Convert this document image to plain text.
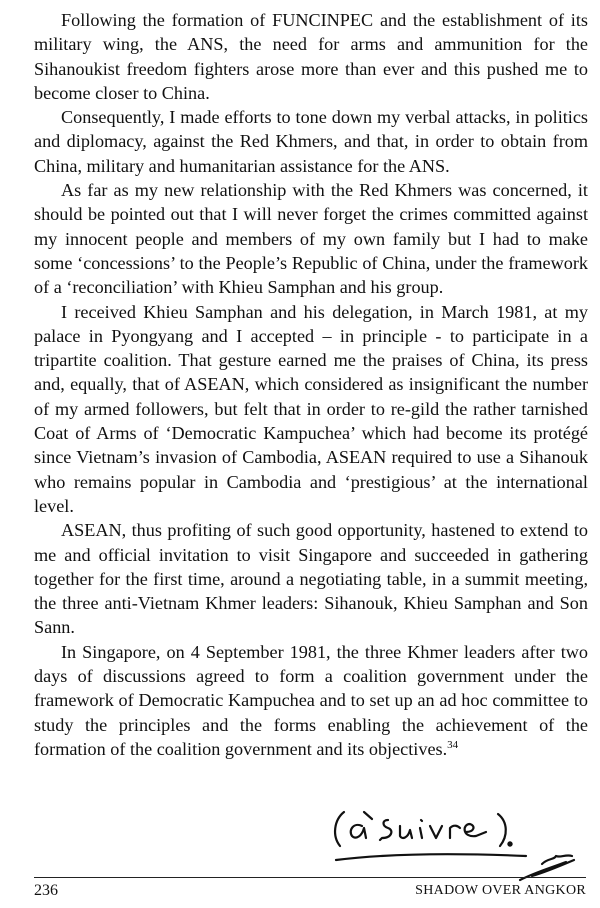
Following the formation of FUNCINPEC and the establishment of its military wing, the ANS, the need for arms and ammunition for the Sihanoukist freedom fighters arose more than ever and this pushed me to become closer to China.

Consequently, I made efforts to tone down my verbal attacks, in politics and diplomacy, against the Red Khmers, and that, in order to obtain from China, military and humanitarian assistance for the ANS.

As far as my new relationship with the Red Khmers was concerned, it should be pointed out that I will never forget the crimes committed against my innocent people and members of my own family but I had to make some ‘concessions’ to the People’s Republic of China, under the framework of a ‘reconciliation’ with Khieu Samphan and his group.

I received Khieu Samphan and his delegation, in March 1981, at my palace in Pyongyang and I accepted – in principle - to participate in a tripartite coalition. That gesture earned me the praises of China, its press and, equally, that of ASEAN, which considered as insignificant the number of my armed followers, but felt that in order to re-gild the rather tarnished Coat of Arms of ‘Democratic Kampuchea’ which had become its protégé since Vietnam’s invasion of Cambodia, ASEAN required to use a Sihanouk who remains popular in Cambodia and ‘prestigious’ at the international level.

ASEAN, thus profiting of such good opportunity, hastened to extend to me and official invitation to visit Singapore and succeeded in gathering together for the first time, around a negotiating table, in a summit meeting, the three anti-Vietnam Khmer leaders: Sihanouk, Khieu Samphan and Son Sann.

In Singapore, on 4 September 1981, the three Khmer leaders after two days of discussions agreed to form a coalition government under the framework of Democratic Kampuchea and to set up an ad hoc committee to study the principles and the forms enabling the achievement of the formation of the coalition government and its objectives.$^{34}$

236	SHADOW OVER ANGKOR
